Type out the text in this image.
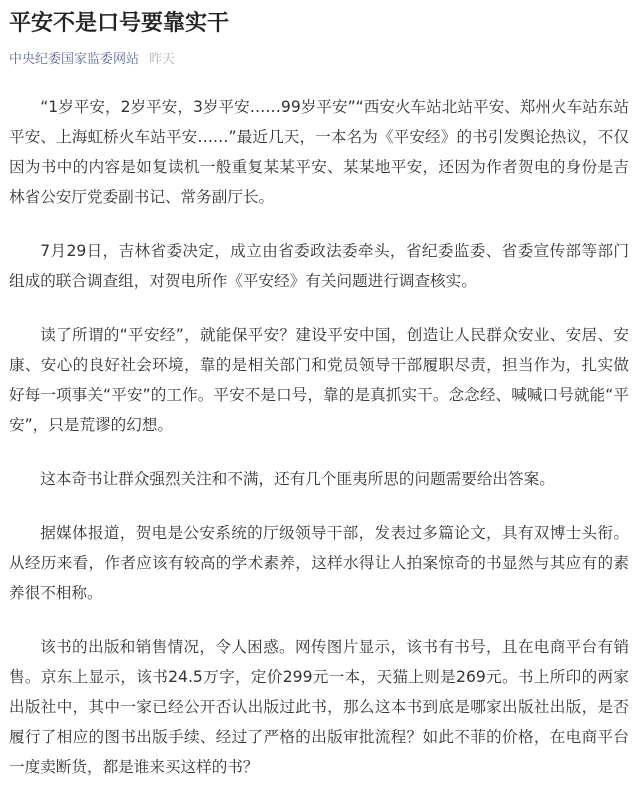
平安不是口号要靠实干
中央纪委国家监委网站 昨天

“1岁平安，2岁平安，3岁平安……99岁平安”“西安火车站北站平安、郑州火车站东站平安、上海虹桥火车站平安……”最近几天，一本名为《平安经》的书引发舆论热议，不仅因为书中的内容是如复读机一般重复某某平安、某某地平安，还因为作者贺电的身份是吉林省公安厅党委副书记、常务副厅长。

7月29日，吉林省委决定，成立由省委政法委牵头，省纪委监委、省委宣传部等部门组成的联合调查组，对贺电所作《平安经》有关问题进行调查核实。

读了所谓的“平安经”，就能保平安？建设平安中国，创造让人民群众安业、安居、安康、安心的良好社会环境，靠的是相关部门和党员领导干部履职尽责，担当作为，扎实做好每一项事关“平安”的工作。平安不是口号，靠的是真抓实干。念念经、喊喊口号就能“平安”，只是荒谬的幻想。

这本奇书让群众强烈关注和不满，还有几个匪夷所思的问题需要给出答案。

据媒体报道，贺电是公安系统的厅级领导干部，发表过多篇论文，具有双博士头衔。从经历来看，作者应该有较高的学术素养，这样水得让人拍案惊奇的书显然与其应有的素养很不相称。

该书的出版和销售情况，令人困惑。网传图片显示，该书有书号，且在电商平台有销售。京东上显示，该书24.5万字，定价299元一本，天猫上则是269元。书上所印的两家出版社中，其中一家已经公开否认出版过此书，那么这本书到底是哪家出版社出版，是否履行了相应的图书出版手续、经过了严格的出版审批流程？如此不菲的价格，在电商平台一度卖断货，都是谁来买这样的书？
